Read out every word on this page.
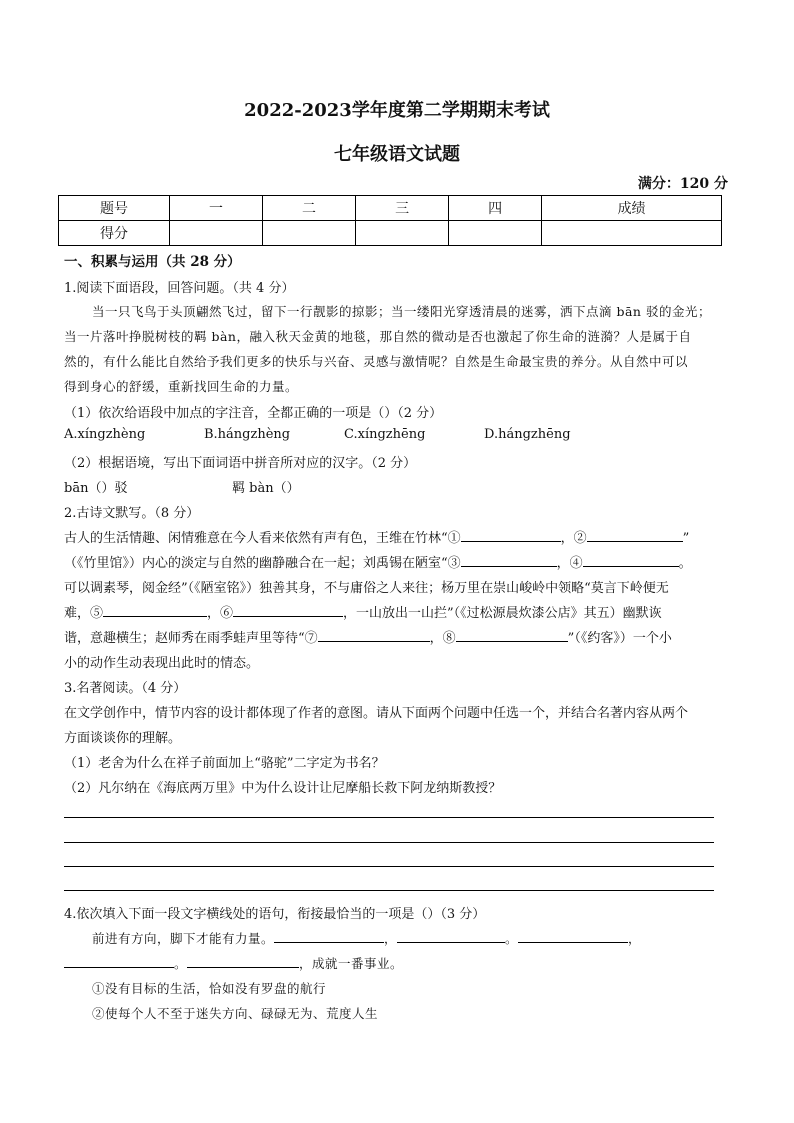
2022-2023学年度第二学期期末考试
七年级语文试题
满分：120 分
题号	一	二	三	四	成绩
得分					
一、积累与运用（共 28 分）
1.阅读下面语段，回答问题。（共 4 分）
当一只飞鸟于头顶翩然飞过，留下一行靓影的掠影；当一缕阳光穿透清晨的迷雾，洒下点滴 bān 驳的金光；
当一片落叶挣脱树枝的羁 bàn，融入秋天金黄的地毯，那自然的微动是否也激起了你生命的涟漪？人是属于自
然的，有什么能比自然给予我们更多的快乐与兴奋、灵感与激情呢？自然是生命最宝贵的养分。从自然中可以
得到身心的舒缓，重新找回生命的力量。
（1）依次给语段中加点的字注音，全都正确的一项是（）（2 分）
A.xíngzhèng	B.hángzhèng	C.xíngzhēng	D.hángzhēng
（2）根据语境，写出下面词语中拼音所对应的汉字。（2 分）
bān（）驳	羁 bàn（）
2.古诗文默写。（8 分）
古人的生活情趣、闲情雅意在今人看来依然有声有色，王维在竹林“①	，②	”
（《竹里馆》）内心的淡定与自然的幽静融合在一起；刘禹锡在陋室“③	，④	。
可以调素琴，阅金经”（《陋室铭》）独善其身，不与庸俗之人来往；杨万里在崇山峻岭中领略“莫言下岭便无
难，⑤	，⑥	，一山放出一山拦”（《过松源晨炊漆公店》其五）幽默诙
谐，意趣横生；赵师秀在雨季蛙声里等待“⑦	，⑧	”（《约客》）一个小
小的动作生动表现出此时的情态。
3.名著阅读。（4 分）
在文学创作中，情节内容的设计都体现了作者的意图。请从下面两个问题中任选一个，并结合名著内容从两个
方面谈谈你的理解。
（1）老舍为什么在祥子前面加上“骆驼”二字定为书名？
（2）凡尔纳在《海底两万里》中为什么设计让尼摩船长救下阿龙纳斯教授？
4.依次填入下面一段文字横线处的语句，衔接最恰当的一项是（）（3 分）
前进有方向，脚下才能有力量。	，	。	，
。	，成就一番事业。
①没有目标的生活，恰如没有罗盘的航行
②使每个人不至于迷失方向、碌碌无为、荒度人生
